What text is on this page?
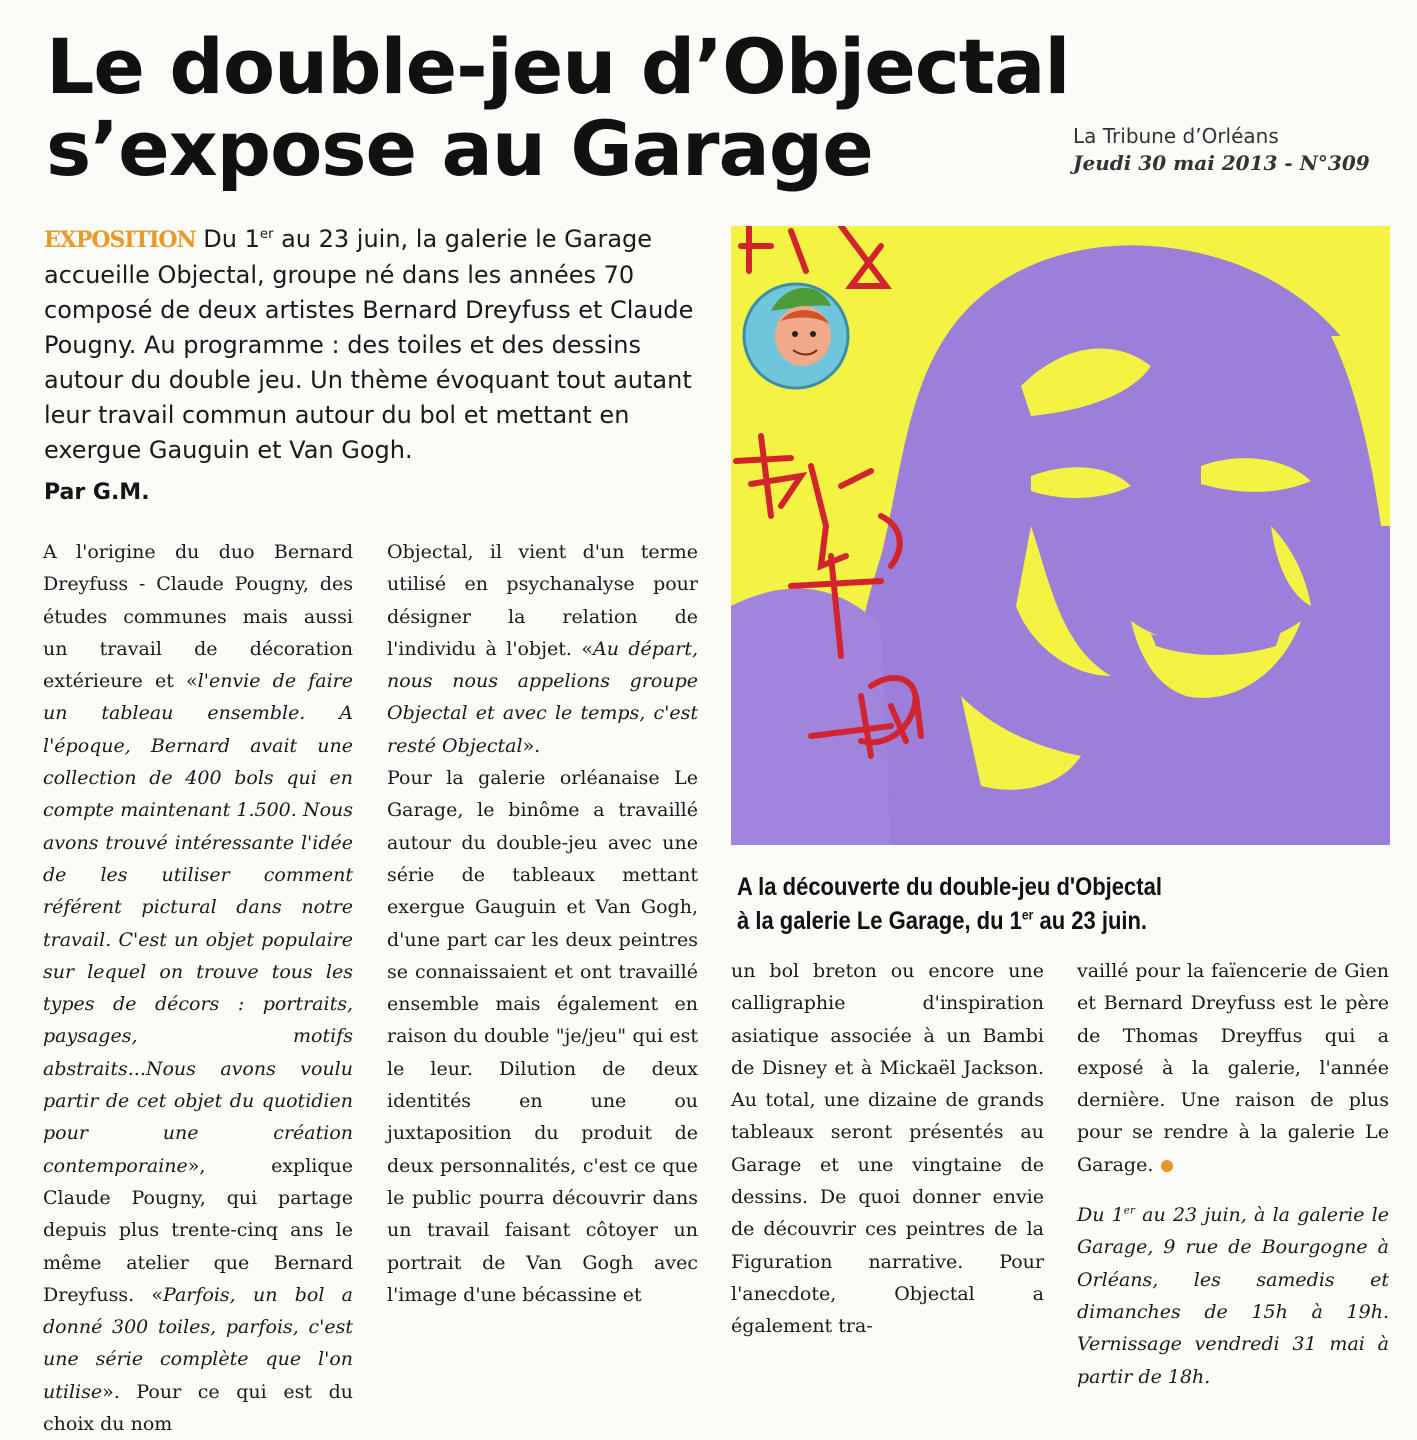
Le double-jeu d’Objectal
s’expose au Garage	La Tribune d’Orléans
Jeudi 30 mai 2013 - N°309
EXPOSITION Du 1er au 23 juin, la galerie le Garage accueille Objectal, groupe né dans les années 70 composé de deux artistes Bernard Dreyfuss et Claude Pougny. Au programme : des toiles et des dessins autour du double jeu. Un thème évoquant tout autant leur travail commun autour du bol et mettant en exergue Gauguin et Van Gogh.
Par G.M.

A l'origine du duo Bernard Dreyfuss - Claude Pougny, des études communes mais aussi un travail de décoration extérieure et «l'envie de faire un tableau ensemble. A l'époque, Bernard avait une collection de 400 bols qui en compte maintenant 1.500. Nous avons trouvé intéressante l'idée de les utiliser comment référent pictural dans notre travail. C'est un objet populaire sur lequel on trouve tous les types de décors : portraits, paysages, motifs abstraits...Nous avons voulu partir de cet objet du quotidien pour une création contemporaine», explique Claude Pougny, qui partage depuis plus trente-cinq ans le même atelier que Bernard Dreyfuss. «Parfois, un bol a donné 300 toiles, parfois, c'est une série complète que l'on utilise». Pour ce qui est du choix du nom

Objectal, il vient d'un terme utilisé en psychanalyse pour désigner la relation de l'individu à l'objet. «Au départ, nous nous appelions groupe Objectal et avec le temps, c'est resté Objectal».

Pour la galerie orléanaise Le Garage, le binôme a travaillé autour du double-jeu avec une série de tableaux mettant exergue Gauguin et Van Gogh, d'une part car les deux peintres se connaissaient et ont travaillé ensemble mais également en raison du double "je/jeu" qui est le leur. Dilution de deux identités en une ou juxtaposition du produit de deux personnalités, c'est ce que le public pourra découvrir dans un travail faisant côtoyer un portrait de Van Gogh avec l'image d'une bécassine et

A la découverte du double-jeu d'Objectal
à la galerie Le Garage, du 1er au 23 juin.

un bol breton ou encore une calligraphie d'inspiration asiatique associée à un Bambi de Disney et à Mickaël Jackson. Au total, une dizaine de grands tableaux seront présentés au Garage et une vingtaine de dessins. De quoi donner envie de découvrir ces peintres de la Figuration narrative. Pour l'anecdote, Objectal a également tra-

vaillé pour la faïencerie de Gien et Bernard Dreyfuss est le père de Thomas Dreyffus qui a exposé à la galerie, l'année dernière. Une raison de plus pour se rendre à la galerie Le Garage.

Du 1er au 23 juin, à la galerie le Garage, 9 rue de Bourgogne à Orléans, les samedis et dimanches de 15h à 19h. Vernissage vendredi 31 mai à partir de 18h.
